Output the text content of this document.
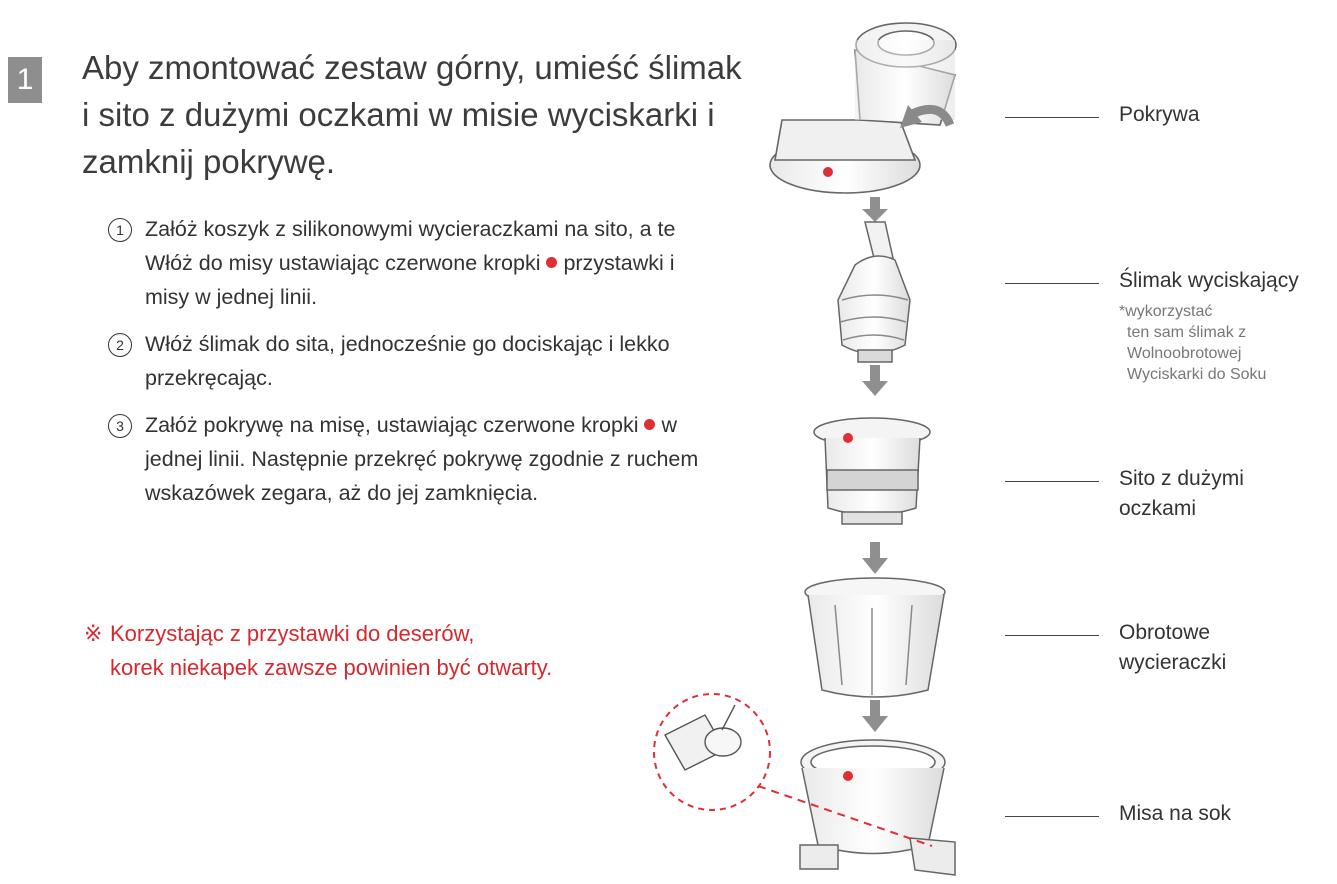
1 Aby zmontować zestaw górny, umieść ślimak i sito z dużymi oczkami w misie wyciskarki i zamknij pokrywę.
1 Załóż koszyk z silikonowymi wycieraczkami na sito, a te Włóż do misy ustawiając czerwone kropki  przystawki i misy w jednej linii.
2 Włóż ślimak do sita, jednocześnie go dociskając i lekko przekręcając.
3 Załóż pokrywę na misę, ustawiając czerwone kropki  w jednej linii. Następnie przekręć pokrywę zgodnie z ruchem wskazówek zegara, aż do jej zamknięcia.
※ Korzystając z przystawki do deserów,
korek niekapek zawsze powinien być otwarty.
Pokrywa
Ślimak wyciskający
*wykorzystać
ten sam ślimak z
Wolnoobrotowej
Wyciskarki do Soku
Sito z dużymi
oczkami
Obrotowe
wycieraczki
Misa na sok
